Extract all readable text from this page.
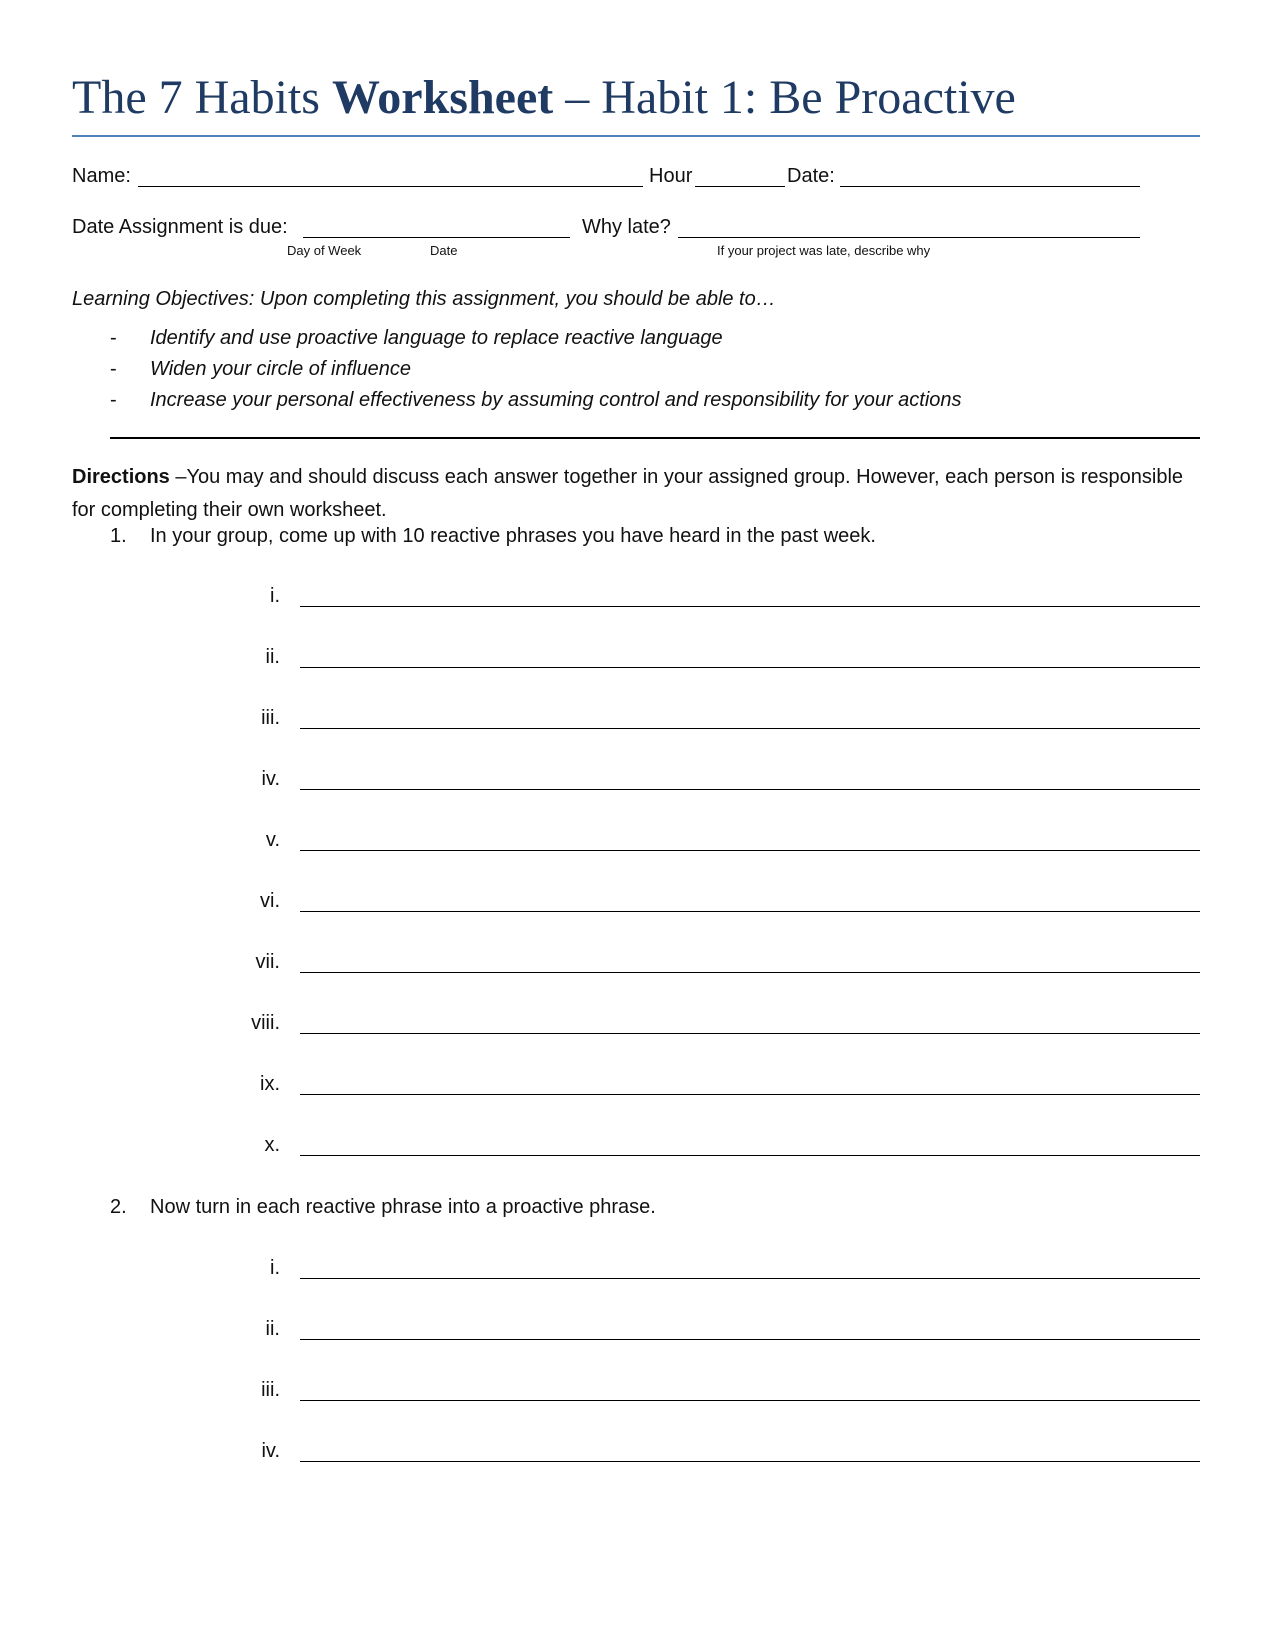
The 7 Habits Worksheet – Habit 1: Be Proactive
Name:	Hour	Date:
Date Assignment is due:	Why late?
Day of Week	Date	If your project was late, describe why
Learning Objectives: Upon completing this assignment, you should be able to…
- Identify and use proactive language to replace reactive language
- Widen your circle of influence
- Increase your personal effectiveness by assuming control and responsibility for your actions
Directions –You may and should discuss each answer together in your assigned group. However, each person is responsible for completing their own worksheet.
1. In your group, come up with 10 reactive phrases you have heard in the past week.
i.
ii.
iii.
iv.
v.
vi.
vii.
viii.
ix.
x.
2. Now turn in each reactive phrase into a proactive phrase.
i.
ii.
iii.
iv.
